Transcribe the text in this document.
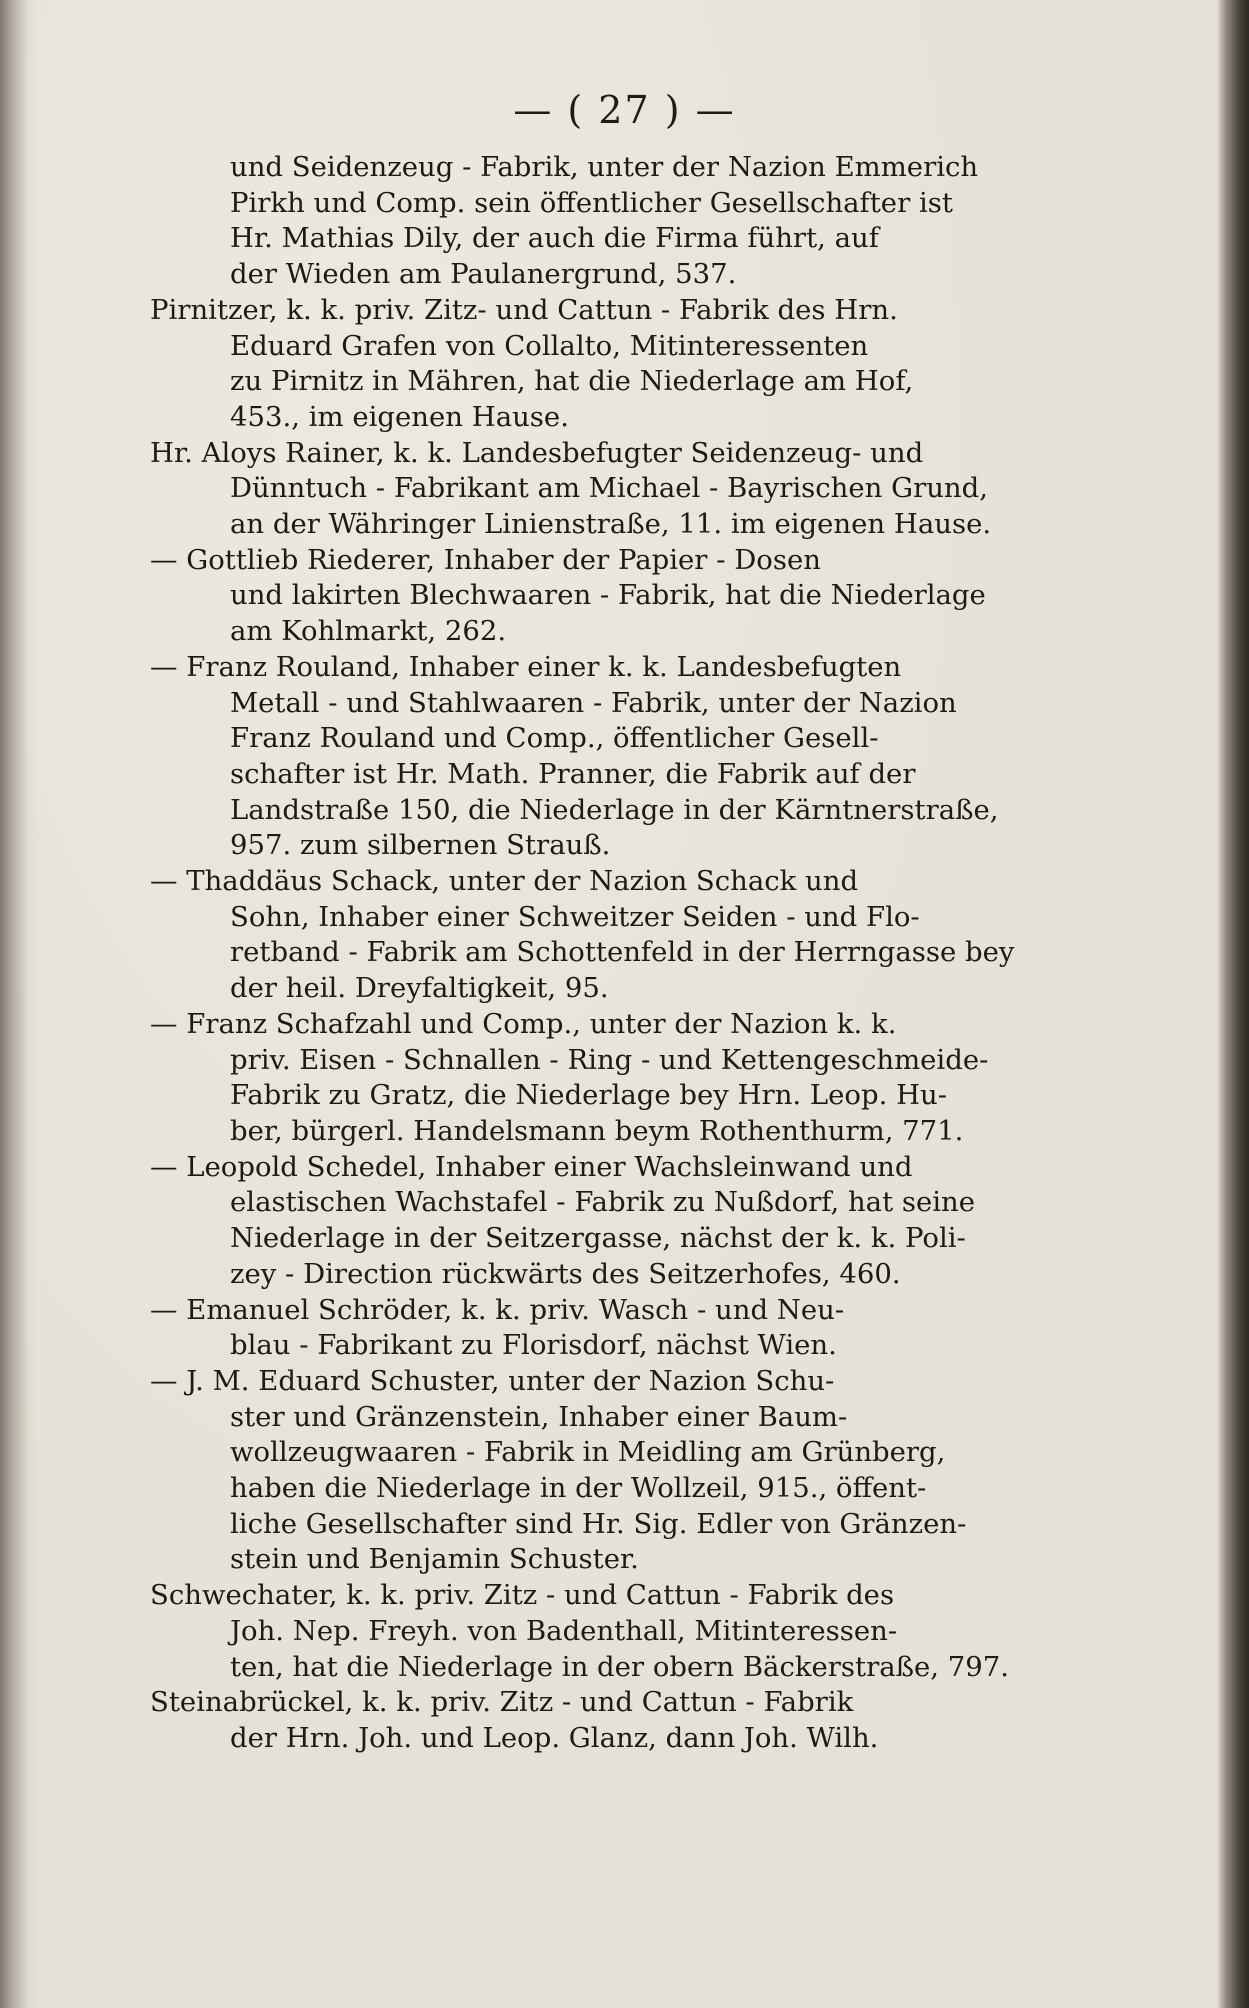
— ( 27 ) —
und Seidenzeug - Fabrik, unter der Nazion Emmerich
Pirkh und Comp. sein öffentlicher Gesellschafter ist
Hr. Mathias Dily, der auch die Firma führt, auf
der Wieden am Paulanergrund, 537.
Pirnitzer, k. k. priv. Zitz- und Cattun - Fabrik des Hrn.
Eduard Grafen von Collalto, Mitinteressenten
zu Pirnitz in Mähren, hat die Niederlage am Hof,
453., im eigenen Hause.
Hr. Aloys Rainer, k. k. Landesbefugter Seidenzeug- und
Dünntuch - Fabrikant am Michael - Bayrischen Grund,
an der Währinger Linienstraße, 11. im eigenen Hause.
— Gottlieb Riederer, Inhaber der Papier - Dosen
und lakirten Blechwaaren - Fabrik, hat die Niederlage
am Kohlmarkt, 262.
— Franz Rouland, Inhaber einer k. k. Landesbefugten
Metall - und Stahlwaaren - Fabrik, unter der Nazion
Franz Rouland und Comp., öffentlicher Gesell-
schafter ist Hr. Math. Pranner, die Fabrik auf der
Landstraße 150, die Niederlage in der Kärntnerstraße,
957. zum silbernen Strauß.
— Thaddäus Schack, unter der Nazion Schack und
Sohn, Inhaber einer Schweitzer Seiden - und Flo-
retband - Fabrik am Schottenfeld in der Herrngasse bey
der heil. Dreyfaltigkeit, 95.
— Franz Schafzahl und Comp., unter der Nazion k. k.
priv. Eisen - Schnallen - Ring - und Kettengeschmeide-
Fabrik zu Gratz, die Niederlage bey Hrn. Leop. Hu-
ber, bürgerl. Handelsmann beym Rothenthurm, 771.
— Leopold Schedel, Inhaber einer Wachsleinwand und
elastischen Wachstafel - Fabrik zu Nußdorf, hat seine
Niederlage in der Seitzergasse, nächst der k. k. Poli-
zey - Direction rückwärts des Seitzerhofes, 460.
— Emanuel Schröder, k. k. priv. Wasch - und Neu-
blau - Fabrikant zu Florisdorf, nächst Wien.
— J. M. Eduard Schuster, unter der Nazion Schu-
ster und Gränzenstein, Inhaber einer Baum-
wollzeugwaaren - Fabrik in Meidling am Grünberg,
haben die Niederlage in der Wollzeil, 915., öffent-
liche Gesellschafter sind Hr. Sig. Edler von Gränzen-
stein und Benjamin Schuster.
Schwechater, k. k. priv. Zitz - und Cattun - Fabrik des
Joh. Nep. Freyh. von Badenthall, Mitinteressen-
ten, hat die Niederlage in der obern Bäckerstraße, 797.
Steinabrückel, k. k. priv. Zitz - und Cattun - Fabrik
der Hrn. Joh. und Leop. Glanz, dann Joh. Wilh.
